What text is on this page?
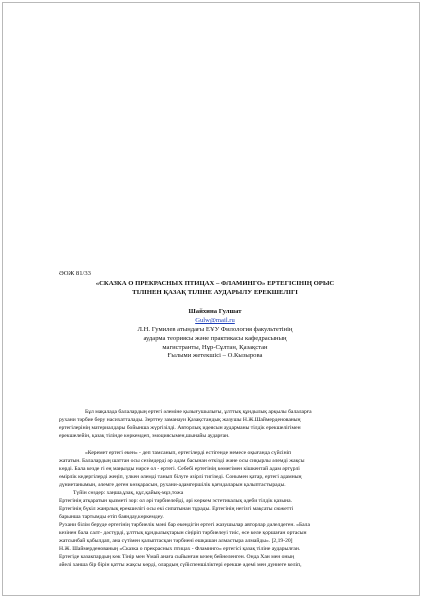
ӘОЖ 81/33
«СКАЗКА О ПРЕКРАСНЫХ ПТИЦАХ – ФЛАМИНГО» ЕРТЕГІСІНІҢ ОРЫС
ТІЛІНЕН ҚАЗАҚ ТІЛІНЕ АУДАРЫЛУ ЕРЕКШЕЛІГІ
Шайхина Гулшат
Gulw@mail.ru
Л.Н. Гумилев атындағы ЕҰУ Филология факультетінің
аударма теориясы және практикасы кафедрасының
магистранты, Нұр-Сұлтан, Қазақстан
Ғылыми жетекшісі – О.Кызырова

Бұл мақалада балалардың ертегі әлеміне қызығушылығы, ұлттық құндылық арқылы балаларға

рухани тәрбие беру насихатталады. Зерттеу заманауи Қазақстандық жазушы Н.Ж.Шаймерденованың

ертегілерінің материалдары бойынша жүргізілді. Авторлық идеясын аударманы тілдік ерекшелігімен

ерекшелейін, қазақ тілінде көркемдеп, эмоциясымен,шынайы аударған.

«Керемет ертегі екен» - деп тамсанып, ертегілерді естігенде немесе оқығанда сүйсініп

жататын. Балалардың шаттан осы сезімдерді әр адам басынан өткізді және осы сиқырлы әлемді жақсы

көрді. Бала кезде гі ең маңызды нәрсе ол - ертегі. Себебі ертегінің көмегімен кішкентай адам әртүрлі

өмірлік кедергілерді жеңіп, үлкен әлемді танып білуге әзірлі тигізеді. Сонымен қатар, ертегі адамның

дүниетанымын, әлемге деген көзқарасын, рухани-адамгершілік қағидаларын қалыптастырады.

Түйін сөздер: хаңша,ұзақ, құс,қайық-мұз,тожа

Ертегінің атқаратын қызметі зор: ол әрі тәрбиелейді, әрі көркем эстетикалық әдеби тілдік қазына.

Ертегінің бүкіл жанрлық ерекшелігі осы екі сипатынан тұрады. Ертегінің негізгі мақсаты сюжетті

барынша тартымды етіп баяндау,көркемдеу.

Рухани білім беруде ертегінің тәрбиелік мәні бар екендігін ертегі жазушылар авторлар дәлелдеген. «Бала

кезінен бала салт- дәстүрді, ұлттық құндылықтарын сіңіріп тәрбиелеуі тиіс, өсе келе қоршаған ортасын

жатсынбай қабылдап, ана сүтімен қалыптасқан тәрбиені ешқашан алмастыра алмайды». [2,19-20]

Н.Ж. Шаймерденованың «Сказка о прекрасных птицах - Фламинго» ертегісі қазақ тіліне аударылған.

Ертегіде казакпардың көк Тінір мен Ұмай анаға сыйынған кезең бейнеленген. Онда Хан мен оның

әйелі ханша бір бірін қатты жақсы көрді, олардың сүйіспеншіліктері ерекше әдемі мен дүниеге келіп,
